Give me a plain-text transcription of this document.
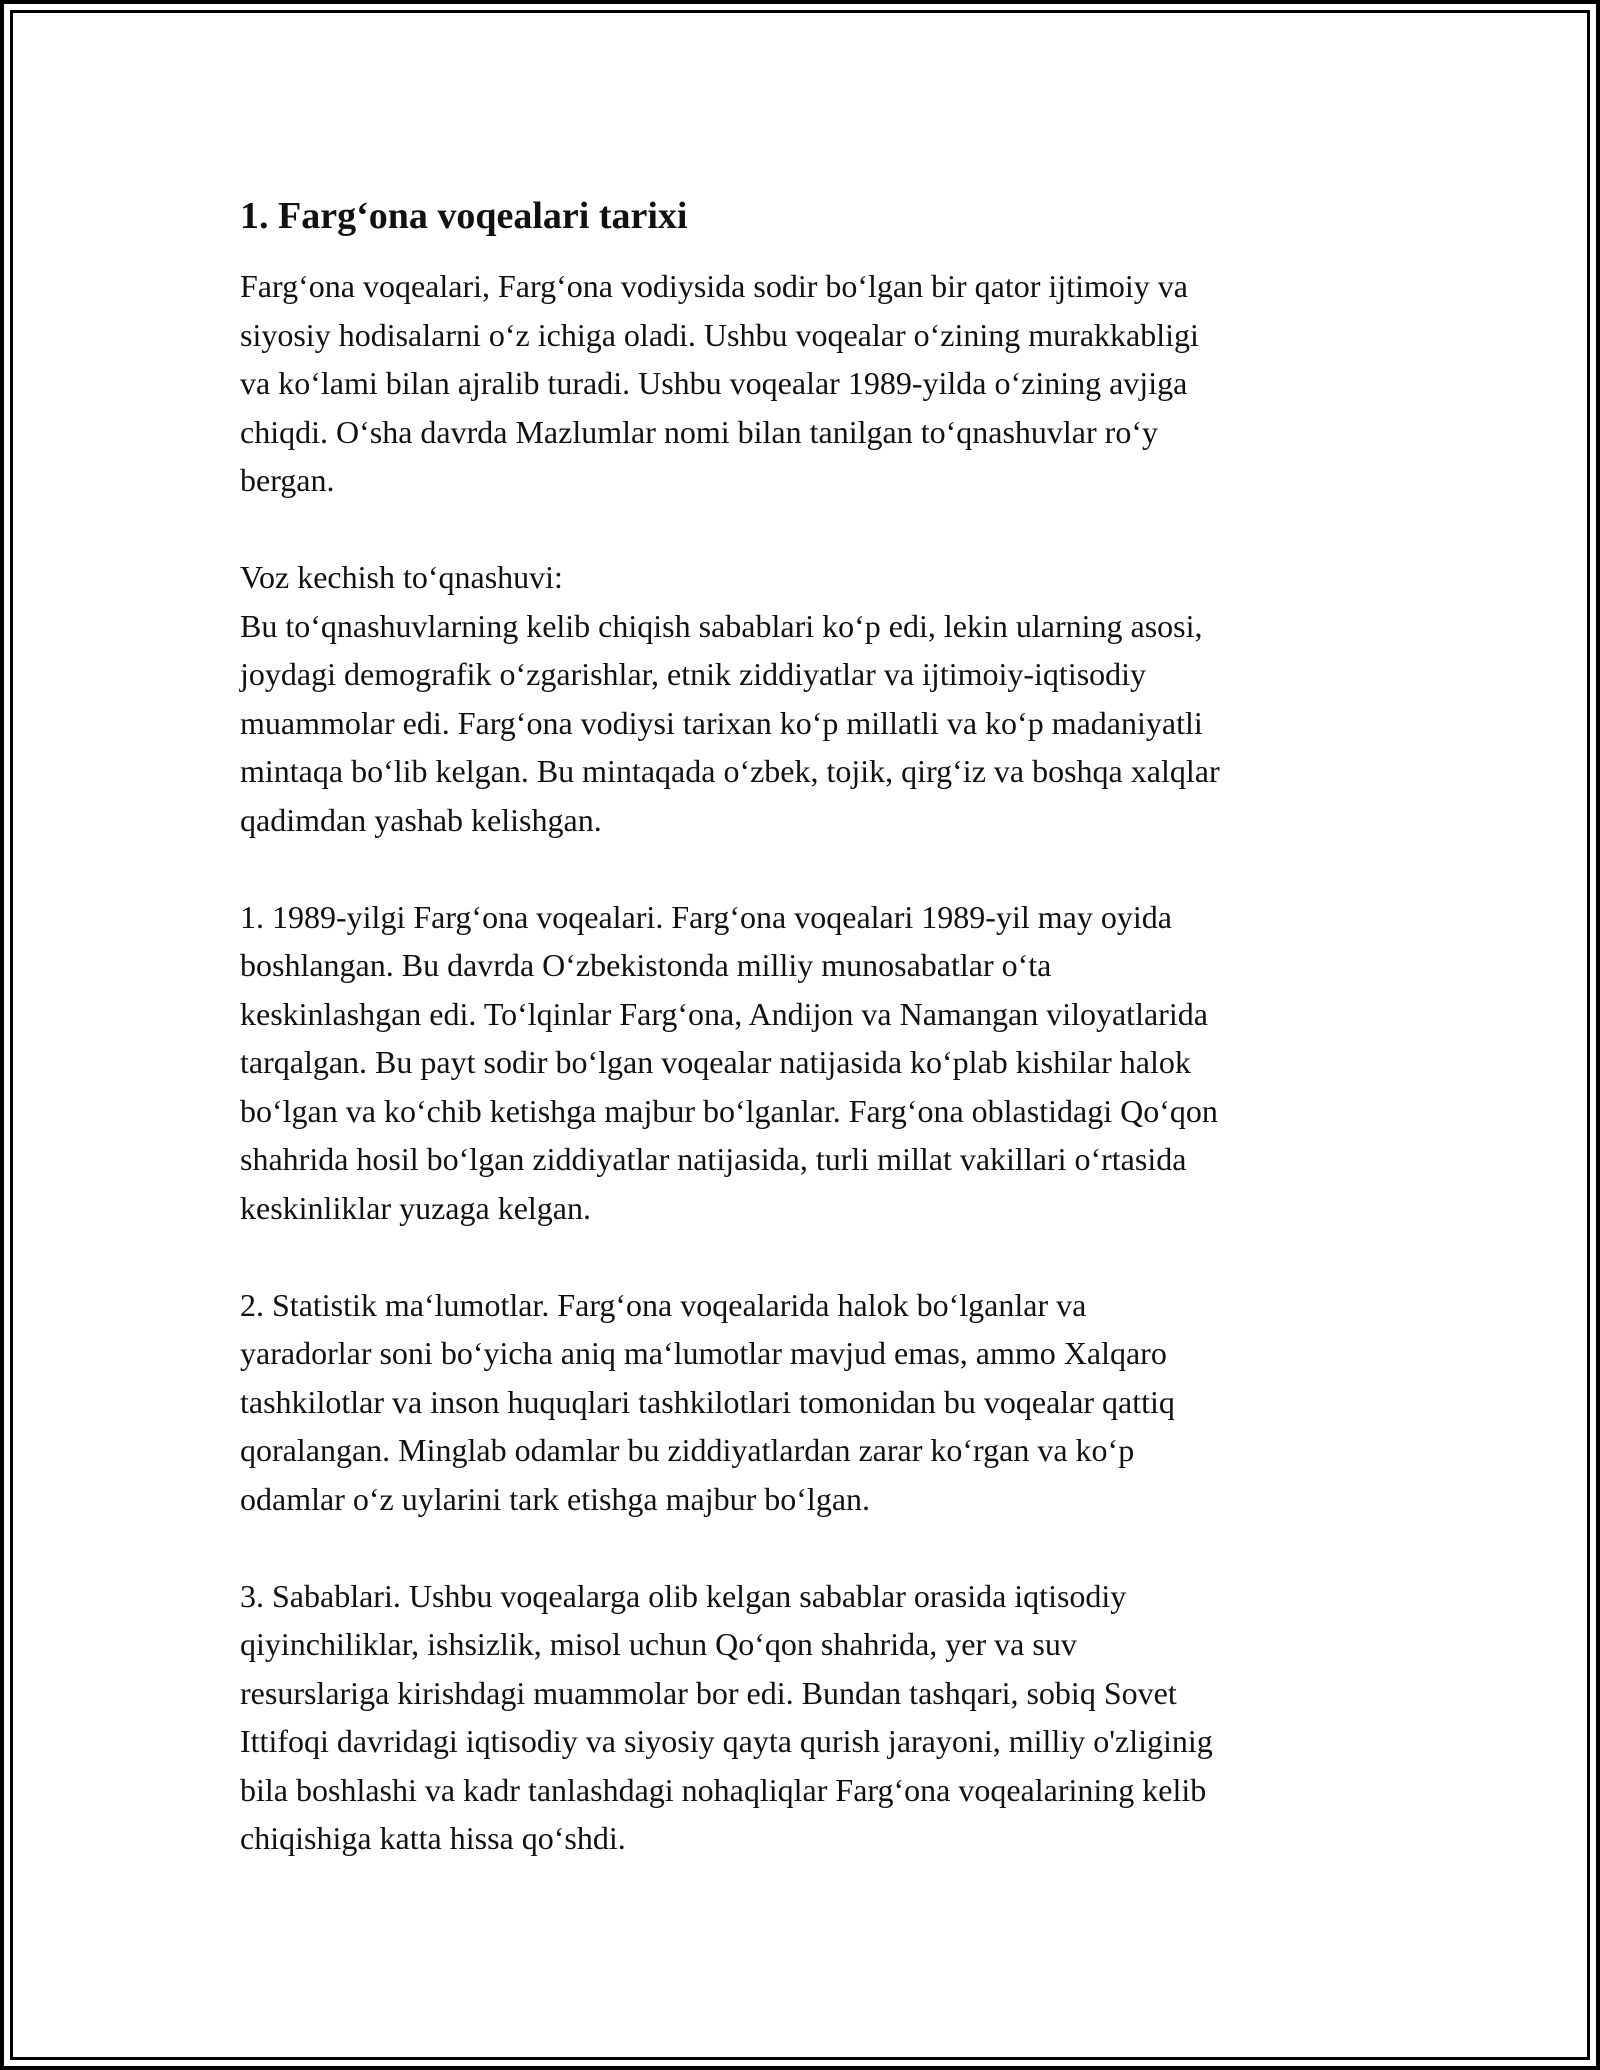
1. Farg‘ona voqealari tarixi

Farg‘ona voqealari, Farg‘ona vodiysida sodir bo‘lgan bir qator ijtimoiy va
siyosiy hodisalarni o‘z ichiga oladi. Ushbu voqealar o‘zining murakkabligi
va ko‘lami bilan ajralib turadi. Ushbu voqealar 1989-yilda o‘zining avjiga
chiqdi. O‘sha davrda Mazlumlar nomi bilan tanilgan to‘qnashuvlar ro‘y
bergan.

Voz kechish to‘qnashuvi:
Bu to‘qnashuvlarning kelib chiqish sabablari ko‘p edi, lekin ularning asosi,
joydagi demografik o‘zgarishlar, etnik ziddiyatlar va ijtimoiy-iqtisodiy
muammolar edi. Farg‘ona vodiysi tarixan ko‘p millatli va ko‘p madaniyatli
mintaqa bo‘lib kelgan. Bu mintaqada o‘zbek, tojik, qirg‘iz va boshqa xalqlar
qadimdan yashab kelishgan.

1. 1989-yilgi Farg‘ona voqealari. Farg‘ona voqealari 1989-yil may oyida
boshlangan. Bu davrda O‘zbekistonda milliy munosabatlar o‘ta
keskinlashgan edi. To‘lqinlar Farg‘ona, Andijon va Namangan viloyatlarida
tarqalgan. Bu payt sodir bo‘lgan voqealar natijasida ko‘plab kishilar halok
bo‘lgan va ko‘chib ketishga majbur bo‘lganlar. Farg‘ona oblastidagi Qo‘qon
shahrida hosil bo‘lgan ziddiyatlar natijasida, turli millat vakillari o‘rtasida
keskinliklar yuzaga kelgan.

2. Statistik ma‘lumotlar. Farg‘ona voqealarida halok bo‘lganlar va
yaradorlar soni bo‘yicha aniq ma‘lumotlar mavjud emas, ammo Xalqaro
tashkilotlar va inson huquqlari tashkilotlari tomonidan bu voqealar qattiq
qoralangan. Minglab odamlar bu ziddiyatlardan zarar ko‘rgan va ko‘p
odamlar o‘z uylarini tark etishga majbur bo‘lgan.

3. Sabablari. Ushbu voqealarga olib kelgan sabablar orasida iqtisodiy
qiyinchiliklar, ishsizlik, misol uchun Qo‘qon shahrida, yer va suv
resurslariga kirishdagi muammolar bor edi. Bundan tashqari, sobiq Sovet
Ittifoqi davridagi iqtisodiy va siyosiy qayta qurish jarayoni, milliy o'zliginig
bila boshlashi va kadr tanlashdagi nohaqliqlar Farg‘ona voqealarining kelib
chiqishiga katta hissa qo‘shdi.
